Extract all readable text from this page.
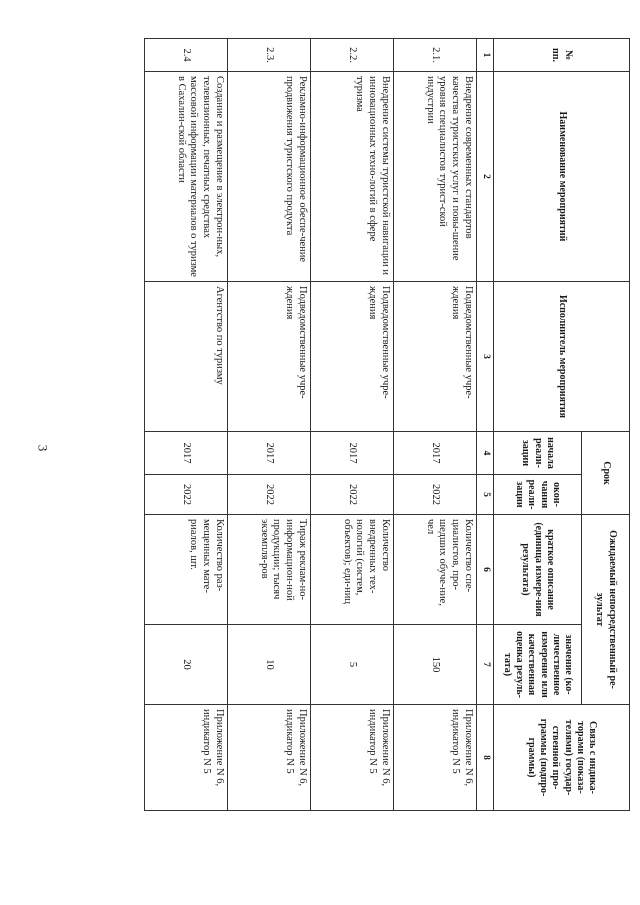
3
№ пп.	Наименование мероприятий	Исполнитель мероприятия	Срок		Ожидаемый непосредственный ре-зультат		Связь с индика-торами (показа-телями) государ-ственной про-граммы (подпро-граммы)
			начала реали-зации	окон-чания реали-зации	краткое описание (единица измере-ния результата)	значение (ко-личественное измерение или качественная оценка резуль-тата)	
1	2	3	4	5	6	7	8
2.1.	Внедрение современных стандартов качества туристских услуг и повы-шение уровня специалистов турист-ской индустрии	Подведомственные учре-ждения	2017	2022	Количество спе-циалистов, про-шедших обуче-ние, чел	150	Приложение N 6, индикатор N 5
2.2.	Внедрение системы туристской навигации и инновационных техно-логий в сфере туризма	Подведомственные учре-ждения	2017	2022	Количество внедренных тех-нологий (систем, объектов); еди-ниц	5	Приложение N 6, индикатор N 5
2.3.	Рекламно-информационное обеспе-чение продвижения туристского продукта	Подведомственные учре-ждения	2017	2022	Тираж реклам-но-информацион-ной продукции; тысяч экземпля-ров	10	Приложение N 6, индикатор N 5
2.4	Создание и размещение в электрон-ных, телевизионных, печатных средствах массовой информации материалов о туризме в Сахалин-ской области	Агентство по туризму	2017	2022	Количество раз-мещенных мате-риалов, шт.	20	Приложение N 6, индикатор N 5
